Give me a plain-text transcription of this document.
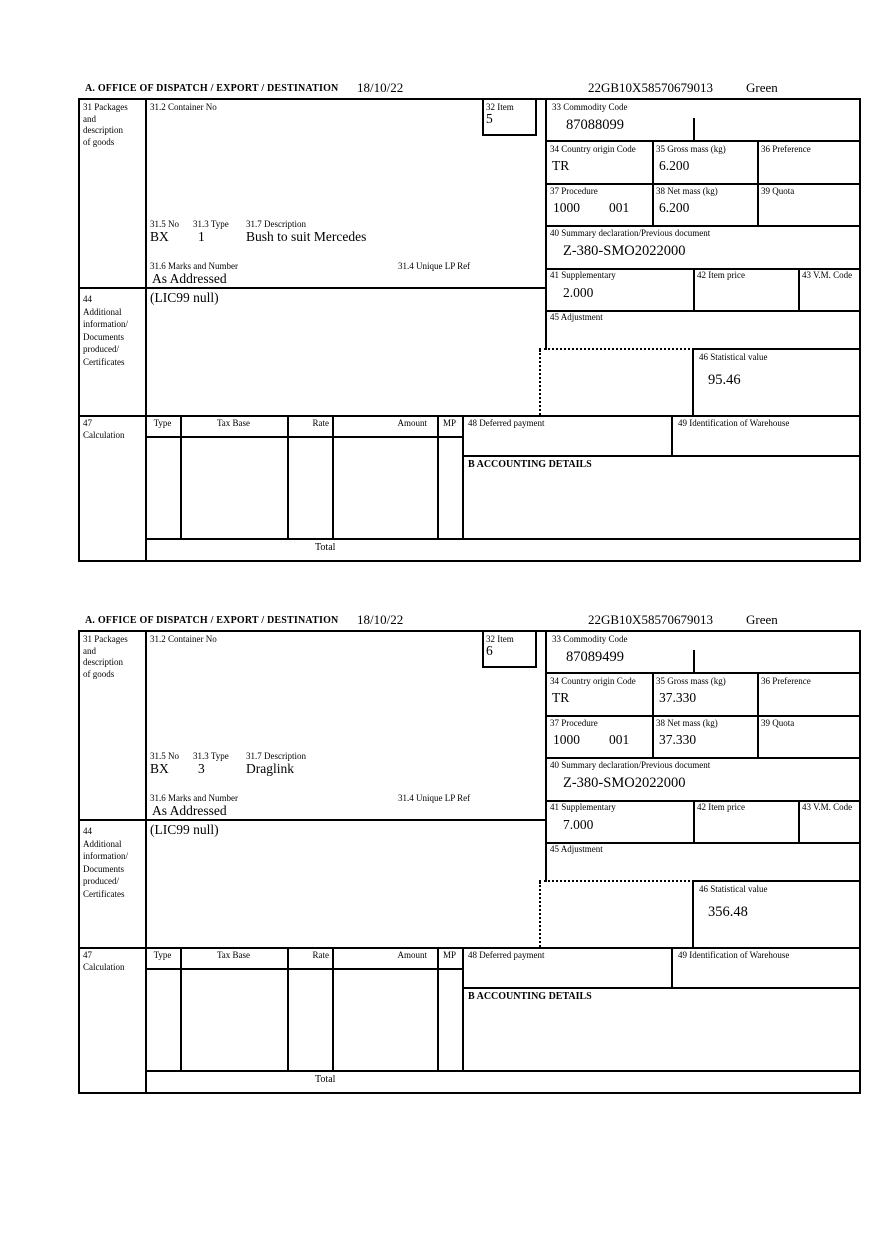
A. OFFICE OF DISPATCH / EXPORT / DESTINATION 18/10/22	22GB10X58570679013	Green
31 Packages
and
description
of goods
31.2 Container No	32 Item
5
33 Commodity Code
87088099
34 Country origin Code
TR
35 Gross mass (kg)
6.200
36 Preference
37 Procedure
1000 001
38 Net mass (kg)
6.200
39 Quota
40 Summary declaration/Previous document
Z-380-SMO2022000
41 Supplementary
2.000
42 Item price	43 V.M. Code
45 Adjustment
46 Statistical value
95.46
31.5 No 31.3 Type 31.7 Description
BX 1	Bush to suit Mercedes
31.6 Marks and Number	31.4 Unique LP Ref
As Addressed
44
Additional
information/
Documents
produced/
Certificates
(LIC99 null)
47
Calculation
Type	Tax Base	Rate	Amount	MP	48 Deferred payment	49 Identification of Warehouse
B ACCOUNTING DETAILS
Total
A. OFFICE OF DISPATCH / EXPORT / DESTINATION 18/10/22	22GB10X58570679013	Green
31 Packages
and
description
of goods
31.2 Container No	32 Item
6
33 Commodity Code
87089499
34 Country origin Code
TR
35 Gross mass (kg)
37.330
36 Preference
37 Procedure
1000 001
38 Net mass (kg)
37.330
39 Quota
40 Summary declaration/Previous document
Z-380-SMO2022000
41 Supplementary
7.000
42 Item price	43 V.M. Code
45 Adjustment
46 Statistical value
356.48
31.5 No 31.3 Type 31.7 Description
BX 3	Draglink
31.6 Marks and Number	31.4 Unique LP Ref
As Addressed
44
Additional
information/
Documents
produced/
Certificates
(LIC99 null)
47
Calculation
Type	Tax Base	Rate	Amount	MP	48 Deferred payment	49 Identification of Warehouse
B ACCOUNTING DETAILS
Total
